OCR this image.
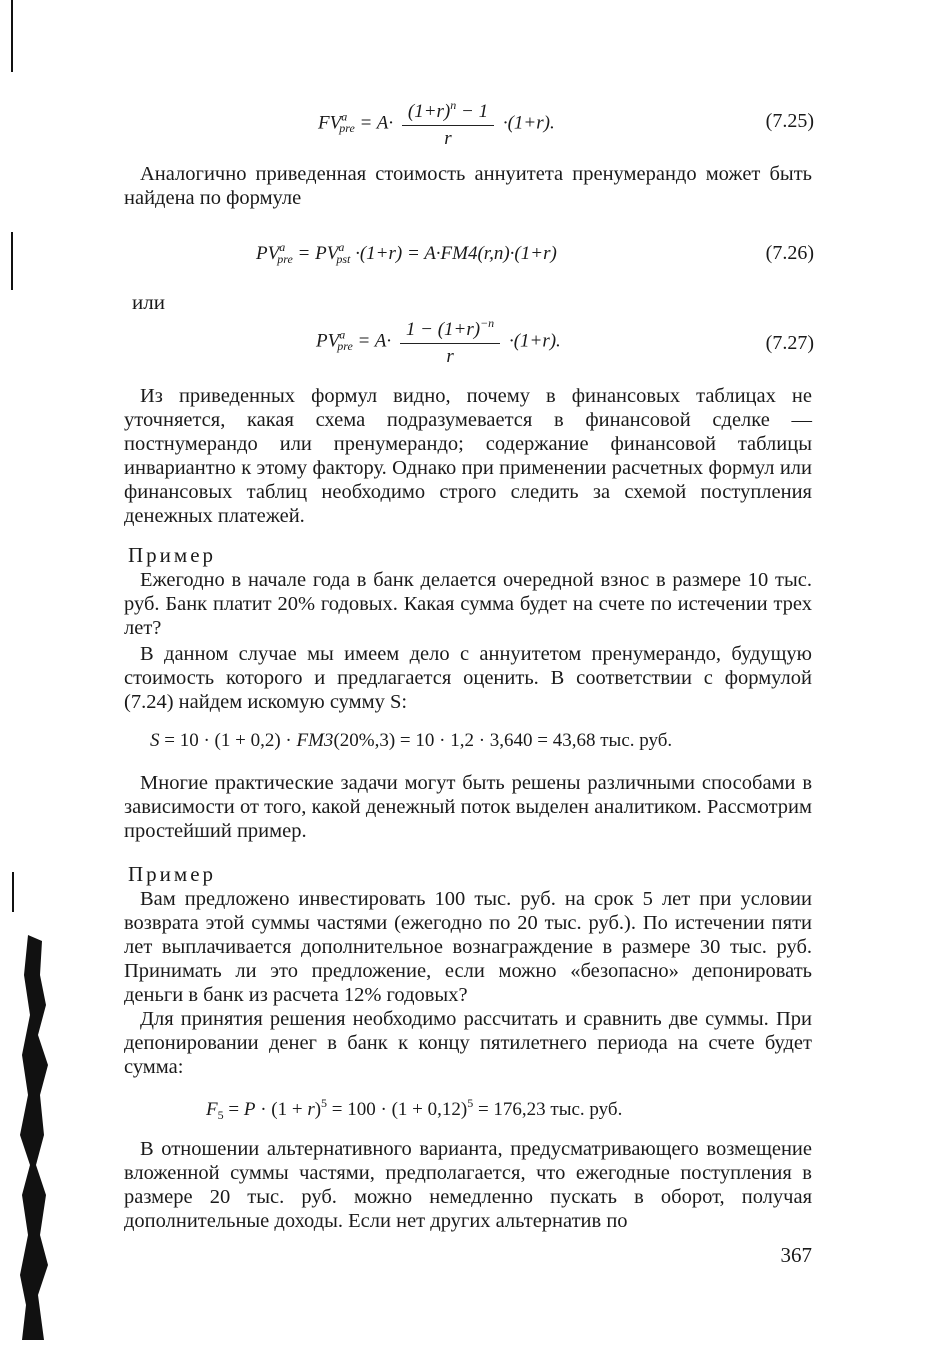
$FV^a_{pre} = A\cdot \frac{(1+r)^n - 1}{r} \cdot(1+r)$.	(7.25)

Аналогично приведенная стоимость аннуитета пренумерандо может быть найдена по формуле

$PV^a_{pre} = PV^a_{pst} \cdot(1+r) = A\cdot FM4(r,n)\cdot(1+r)$	(7.26)
или
$PV^a_{pre} = A\cdot \frac{1 - (1+r)^{-n}}{r} \cdot(1+r)$.	(7.27)

Из приведенных формул видно, почему в финансовых таблицах не уточняется, какая схема подразумевается в финансовой сделке — постнумерандо или пренумерандо; содержание финансовой таблицы инвариантно к этому фактору. Однако при применении расчетных формул или финансовых таблиц необходимо строго следить за схемой поступления денежных платежей.

Пример

Ежегодно в начале года в банк делается очередной взнос в размере 10 тыс. руб. Банк платит 20% годовых. Какая сумма будет на счете по истечении трех лет?

В данном случае мы имеем дело с аннуитетом пренумерандо, будущую стоимость которого и предлагается оценить. В соответствии с формулой (7.24) найдем искомую сумму S:

S = 10 · (1 + 0,2) · FM3(20%,3) = 10 · 1,2 · 3,640 = 43,68 тыс. руб.

Многие практические задачи могут быть решены различными способами в зависимости от того, какой денежный поток выделен аналитиком. Рассмотрим простейший пример.

Пример

Вам предложено инвестировать 100 тыс. руб. на срок 5 лет при условии возврата этой суммы частями (ежегодно по 20 тыс. руб.). По истечении пяти лет выплачивается дополнительное вознаграждение в размере 30 тыс. руб. Принимать ли это предложение, если можно «безопасно» депонировать деньги в банк из расчета 12% годовых?

Для принятия решения необходимо рассчитать и сравнить две суммы. При депонировании денег в банк к концу пятилетнего периода на счете будет сумма:

$F_5 = P \cdot (1 + r)^5 = 100 \cdot (1 + 0,12)^5 = 176,23$ тыс. руб.

В отношении альтернативного варианта, предусматривающего возмещение вложенной суммы частями, предполагается, что ежегодные поступления в размере 20 тыс. руб. можно немедленно пускать в оборот, получая дополнительные доходы. Если нет других альтернатив по

367
